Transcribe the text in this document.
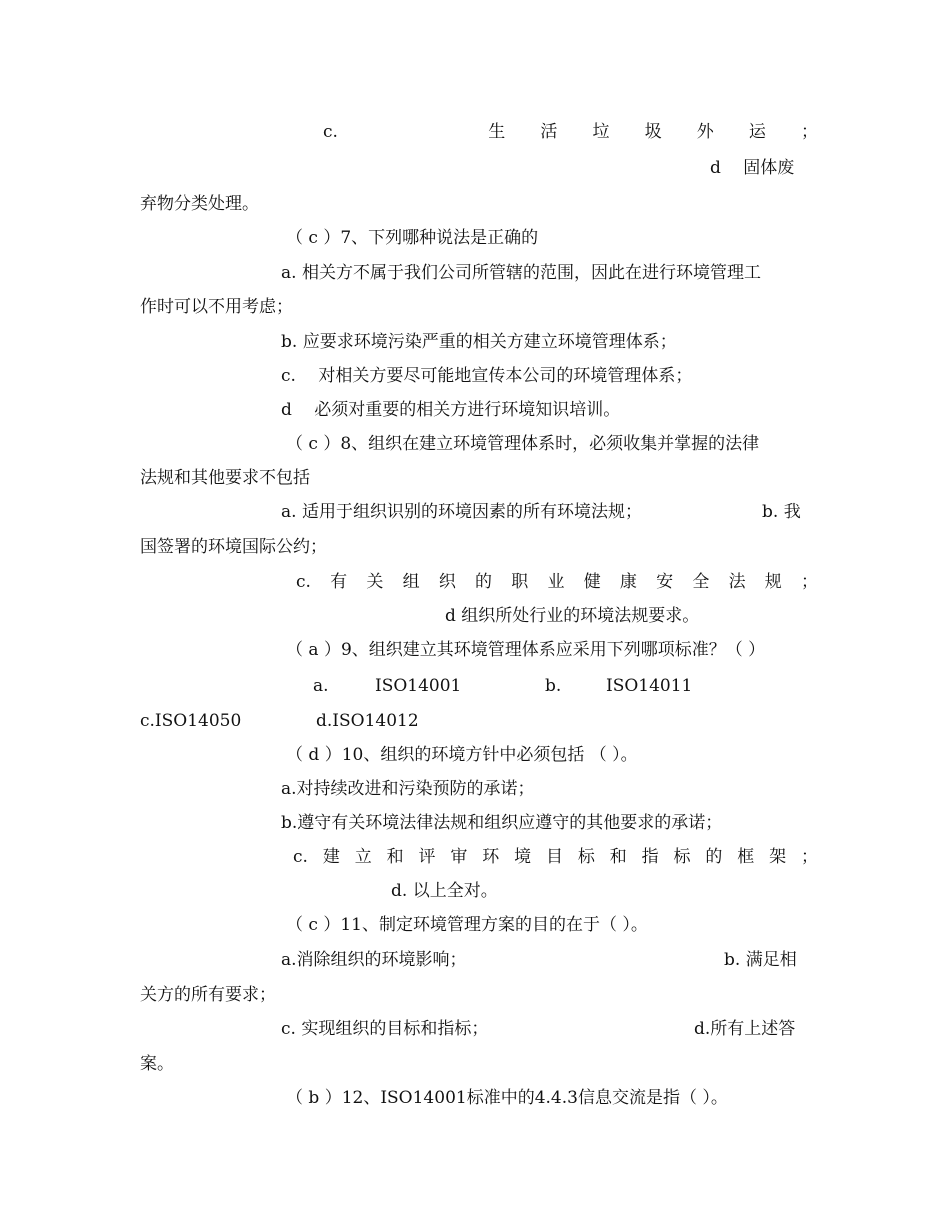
c.	生 活 垃 圾 外 运 ；
d　 固体废
弃物分类处理。
（ c ）7、下列哪种说法是正确的
a. 相关方不属于我们公司所管辖的范围，因此在进行环境管理工
作时可以不用考虑；
b. 应要求环境污染严重的相关方建立环境管理体系；
c.　 对相关方要尽可能地宣传本公司的环境管理体系；
d　 必须对重要的相关方进行环境知识培训。
（ c ）8、组织在建立环境管理体系时，必须收集并掌握的法律
法规和其他要求不包括
a. 适用于组织识别的环境因素的所有环境法规；	b. 我
国签署的环境国际公约；
c. 有 关 组 织 的 职 业 健 康 安 全 法 规 ；
d 组织所处行业的环境法规要求。
（ a ）9、组织建立其环境管理体系应采用下列哪项标准？（ ）
a.	ISO14001	b.	ISO14011
c.ISO14050	d.ISO14012
（ d ）10、组织的环境方针中必须包括 （ ）。
a.对持续改进和污染预防的承诺；
b.遵守有关环境法律法规和组织应遵守的其他要求的承诺；
c. 建 立 和 评 审 环 境 目 标 和 指 标 的 框 架 ；
d. 以上全对。
（ c ）11、制定环境管理方案的目的在于（ ）。
a.消除组织的环境影响；	b. 满足相
关方的所有要求；
c. 实现组织的目标和指标；	d.所有上述答
案。
（ b ）12、ISO14001标准中的4.4.3信息交流是指（ ）。
